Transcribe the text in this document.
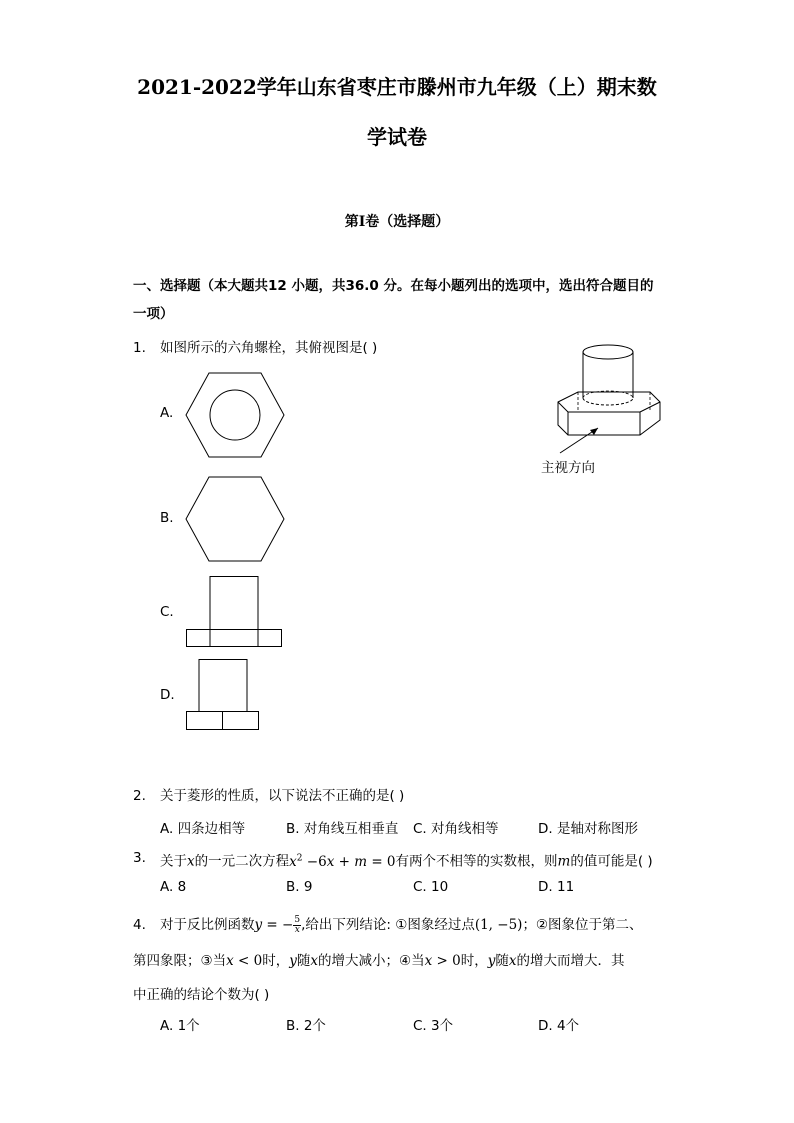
2021-2022学年山东省枣庄市滕州市九年级（上）期末数
学试卷
第I卷（选择题）
一、选择题（本大题共12 小题，共36.0 分。在每小题列出的选项中，选出符合题目的
一项）
1.	如图所示的六角螺栓，其俯视图是( )
主视方向
A.
B.
C.
D.
2.	关于菱形的性质，以下说法不正确的是( )
A. 四条边相等	B. 对角线互相垂直 C. 对角线相等	D. 是轴对称图形
3.	关于x的一元二次方程$x^2 -6x + m = 0$有两个不相等的实数根，则m的值可能是( )
A. 8	B. 9	C. 10	D. 11
4.	对于反比例函数y = − $\frac{5}{x}$ ,给出下列结论: ①图象经过点(1, −5)；②图象位于第二、
第四象限；③当x < 0时，y随x的增大减小；④当x > 0时，y随x的增大而增大．其
中正确的结论个数为( )
A. 1个	B. 2个	C. 3个	D. 4个
